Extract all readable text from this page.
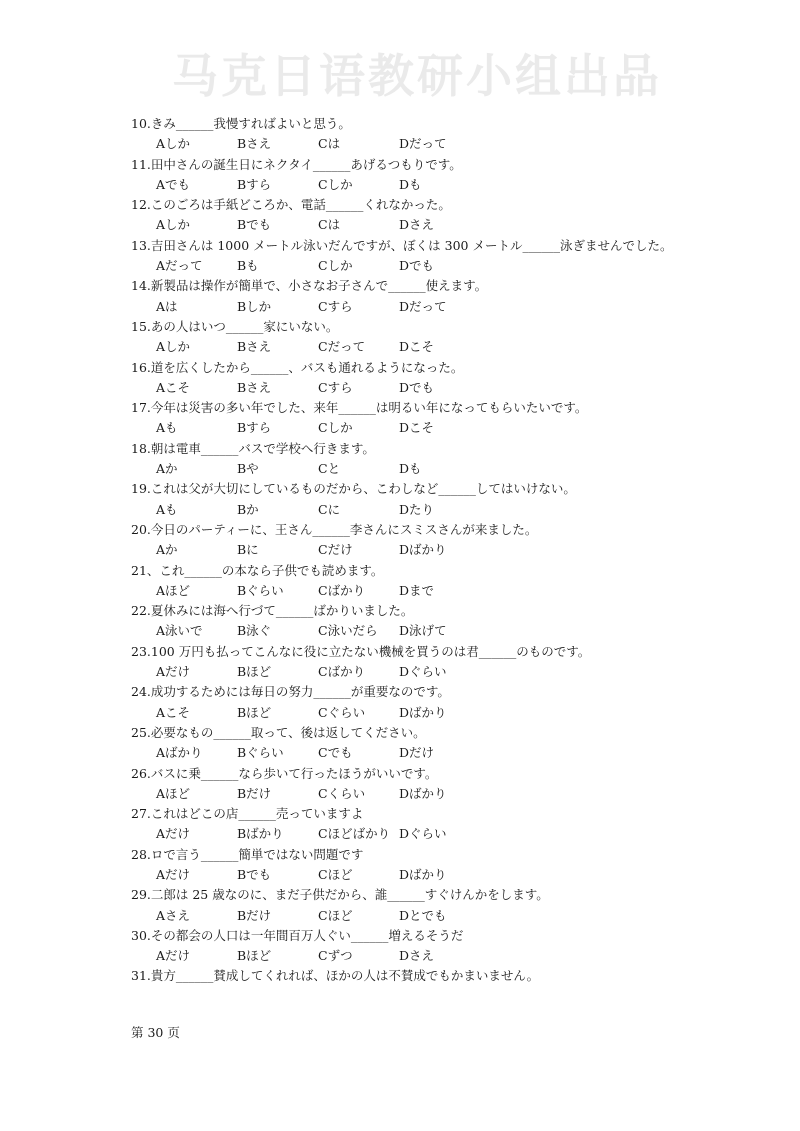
马克日语教研小组出品
10.きみ______我慢すればよいと思う。
Aしか	Bさえ	Cは	Dだって
11.田中さんの誕生日にネクタイ______あげるつもりです。
Aでも	Bすら	Cしか	Dも
12.このごろは手紙どころか、電話______くれなかった。
Aしか	Bでも	Cは	Dさえ
13.吉田さんは 1000 メートル泳いだんですが、ぼくは 300 メートル______泳ぎませんでした。
Aだって	Bも	Cしか	Dでも
14.新製品は操作が簡単で、小さなお子さんで______使えます。
Aは	Bしか	Cすら	Dだって
15.あの人はいつ______家にいない。
Aしか	Bさえ	Cだって	Dこそ
16.道を広くしたから______、バスも通れるようになった。
Aこそ	Bさえ	Cすら	Dでも
17.今年は災害の多い年でした、来年______は明るい年になってもらいたいです。
Aも	Bすら	Cしか	Dこそ
18.朝は電車______バスで学校へ行きます。
Aか	Bや	Cと	Dも
19.これは父が大切にしているものだから、こわしなど______してはいけない。
Aも	Bか	Cに	Dたり
20.今日のパーティーに、王さん______李さんにスミスさんが来ました。
Aか	Bに	Cだけ	Dばかり
21、これ______の本なら子供でも読めます。
Aほど	Bぐらい	Cばかり	Dまで
22.夏休みには海へ行づて______ばかりいました。
A泳いで	B泳ぐ	C泳いだら	D泳げて
23.100 万円も払ってこんなに役に立たない機械を買うのは君______のものです。
Aだけ	Bほど	Cばかり	Dぐらい
24.成功するためには毎日の努力______が重要なのです。
Aこそ	Bほど	Cぐらい	Dばかり
25.必要なもの______取って、後は返してください。
Aばかり	Bぐらい	Cでも	Dだけ
26.バスに乗______なら歩いて行ったほうがいいです。
Aほど	Bだけ	Cくらい	Dばかり
27.これはどこの店______売っていますよ
Aだけ	Bばかり	Cほどばかり Dぐらい
28.ロで言う______簡単ではない問題です
Aだけ	Bでも	Cほど	Dばかり
29.二郎は 25 歳なのに、まだ子供だから、誰______すぐけんかをします。
Aさえ	Bだけ	Cほど	Dとでも
30.その都会の人口は一年間百万人ぐい______増えるそうだ
Aだけ	Bほど	Cずつ	Dさえ
31.貴方______賛成してくれれば、ほかの人は不賛成でもかまいません。
第 30 页
